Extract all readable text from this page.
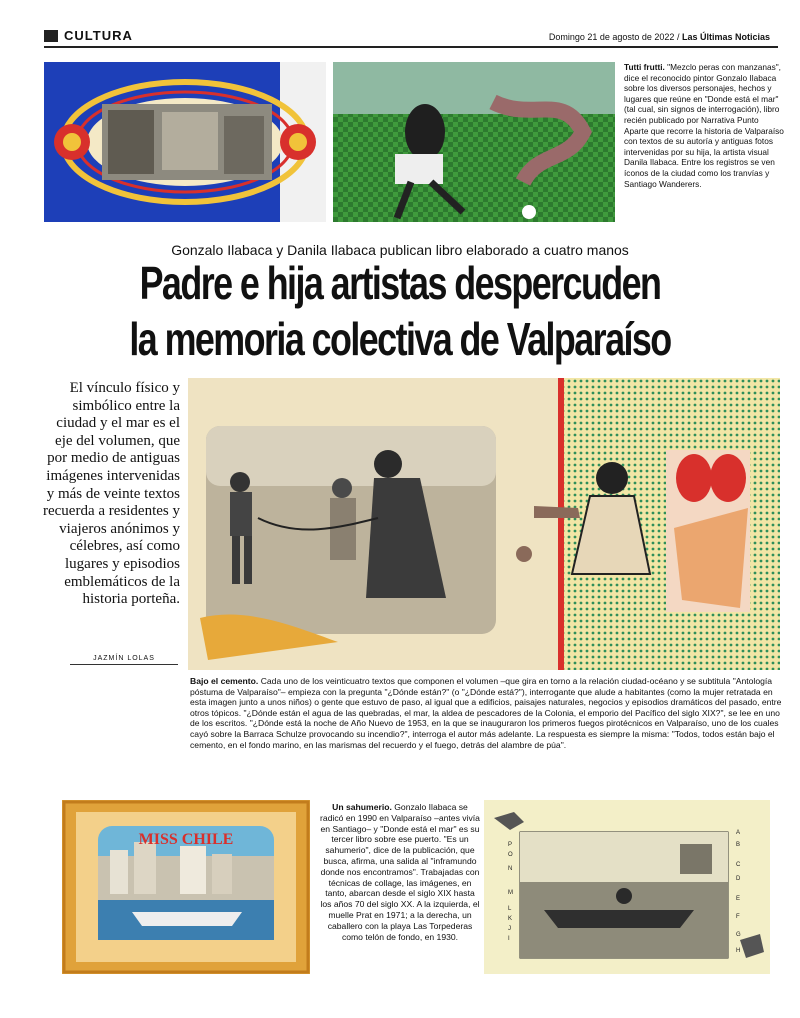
CULTURA	Domingo 21 de agosto de 2022 / Las Últimas Noticias
Tutti frutti. "Mezclo peras con manzanas", dice el reconocido pintor Gonzalo Ilabaca sobre los diversos personajes, hechos y lugares que reúne en "Donde está el mar" (tal cual, sin signos de interrogación), libro recién publicado por Narrativa Punto Aparte que recorre la historia de Valparaíso con textos de su autoría y antiguas fotos intervenidas por su hija, la artista visual Danila Ilabaca. Entre los registros se ven íconos de la ciudad como los tranvías y Santiago Wanderers.
Gonzalo Ilabaca y Danila Ilabaca publican libro elaborado a cuatro manos
Padre e hija artistas despercuden
la memoria colectiva de Valparaíso
El vínculo físico y simbólico entre la ciudad y el mar es el eje del volumen, que por medio de antiguas imágenes intervenidas y más de veinte textos recuerda a residentes y viajeros anónimos y célebres, así como lugares y episodios emblemáticos de la historia porteña.
JAZMÍN LOLAS
Bajo el cemento. Cada uno de los veinticuatro textos que componen el volumen –que gira en torno a la relación ciudad-océano y se subtitula "Antología póstuma de Valparaíso"– empieza con la pregunta "¿Dónde están?" (o "¿Dónde está?"), interrogante que alude a habitantes (como la mujer retratada en esta imagen junto a unos niños) o gente que estuvo de paso, al igual que a edificios, paisajes naturales, negocios y episodios dramáticos del pasado, entre otros tópicos. "¿Dónde están el agua de las quebradas, el mar, la aldea de pescadores de la Colonia, el emporio del Pacífico del siglo XIX?", se lee en uno de los escritos. "¿Dónde está la noche de Año Nuevo de 1953, en la que se inauguraron los primeros fuegos pirotécnicos en Valparaíso, uno de los cuales cayó sobre la Barraca Schulze provocando su incendio?", interroga el autor más adelante. La respuesta es siempre la misma: "Todos, todos están bajo el cemento, en el fondo marino, en las marismas del recuerdo y el fuego, detrás del alambre de púa".
MISS CHILE
Un sahumerio. Gonzalo Ilabaca se radicó en 1990 en Valparaíso –antes vivía en Santiago– y "Donde está el mar" es su tercer libro sobre ese puerto. "Es un sahumerio", dice de la publicación, que busca, afirma, una salida al "inframundo donde nos encontramos". Trabajadas con técnicas de collage, las imágenes, en tanto, abarcan desde el siglo XIX hasta los años 70 del siglo XX. A la izquierda, el muelle Prat en 1971; a la derecha, un caballero con la playa Las Torpederas como telón de fondo, en 1930.
A
B
C
D
E
F
G
H
I
J
K
L
M
N
O
P
